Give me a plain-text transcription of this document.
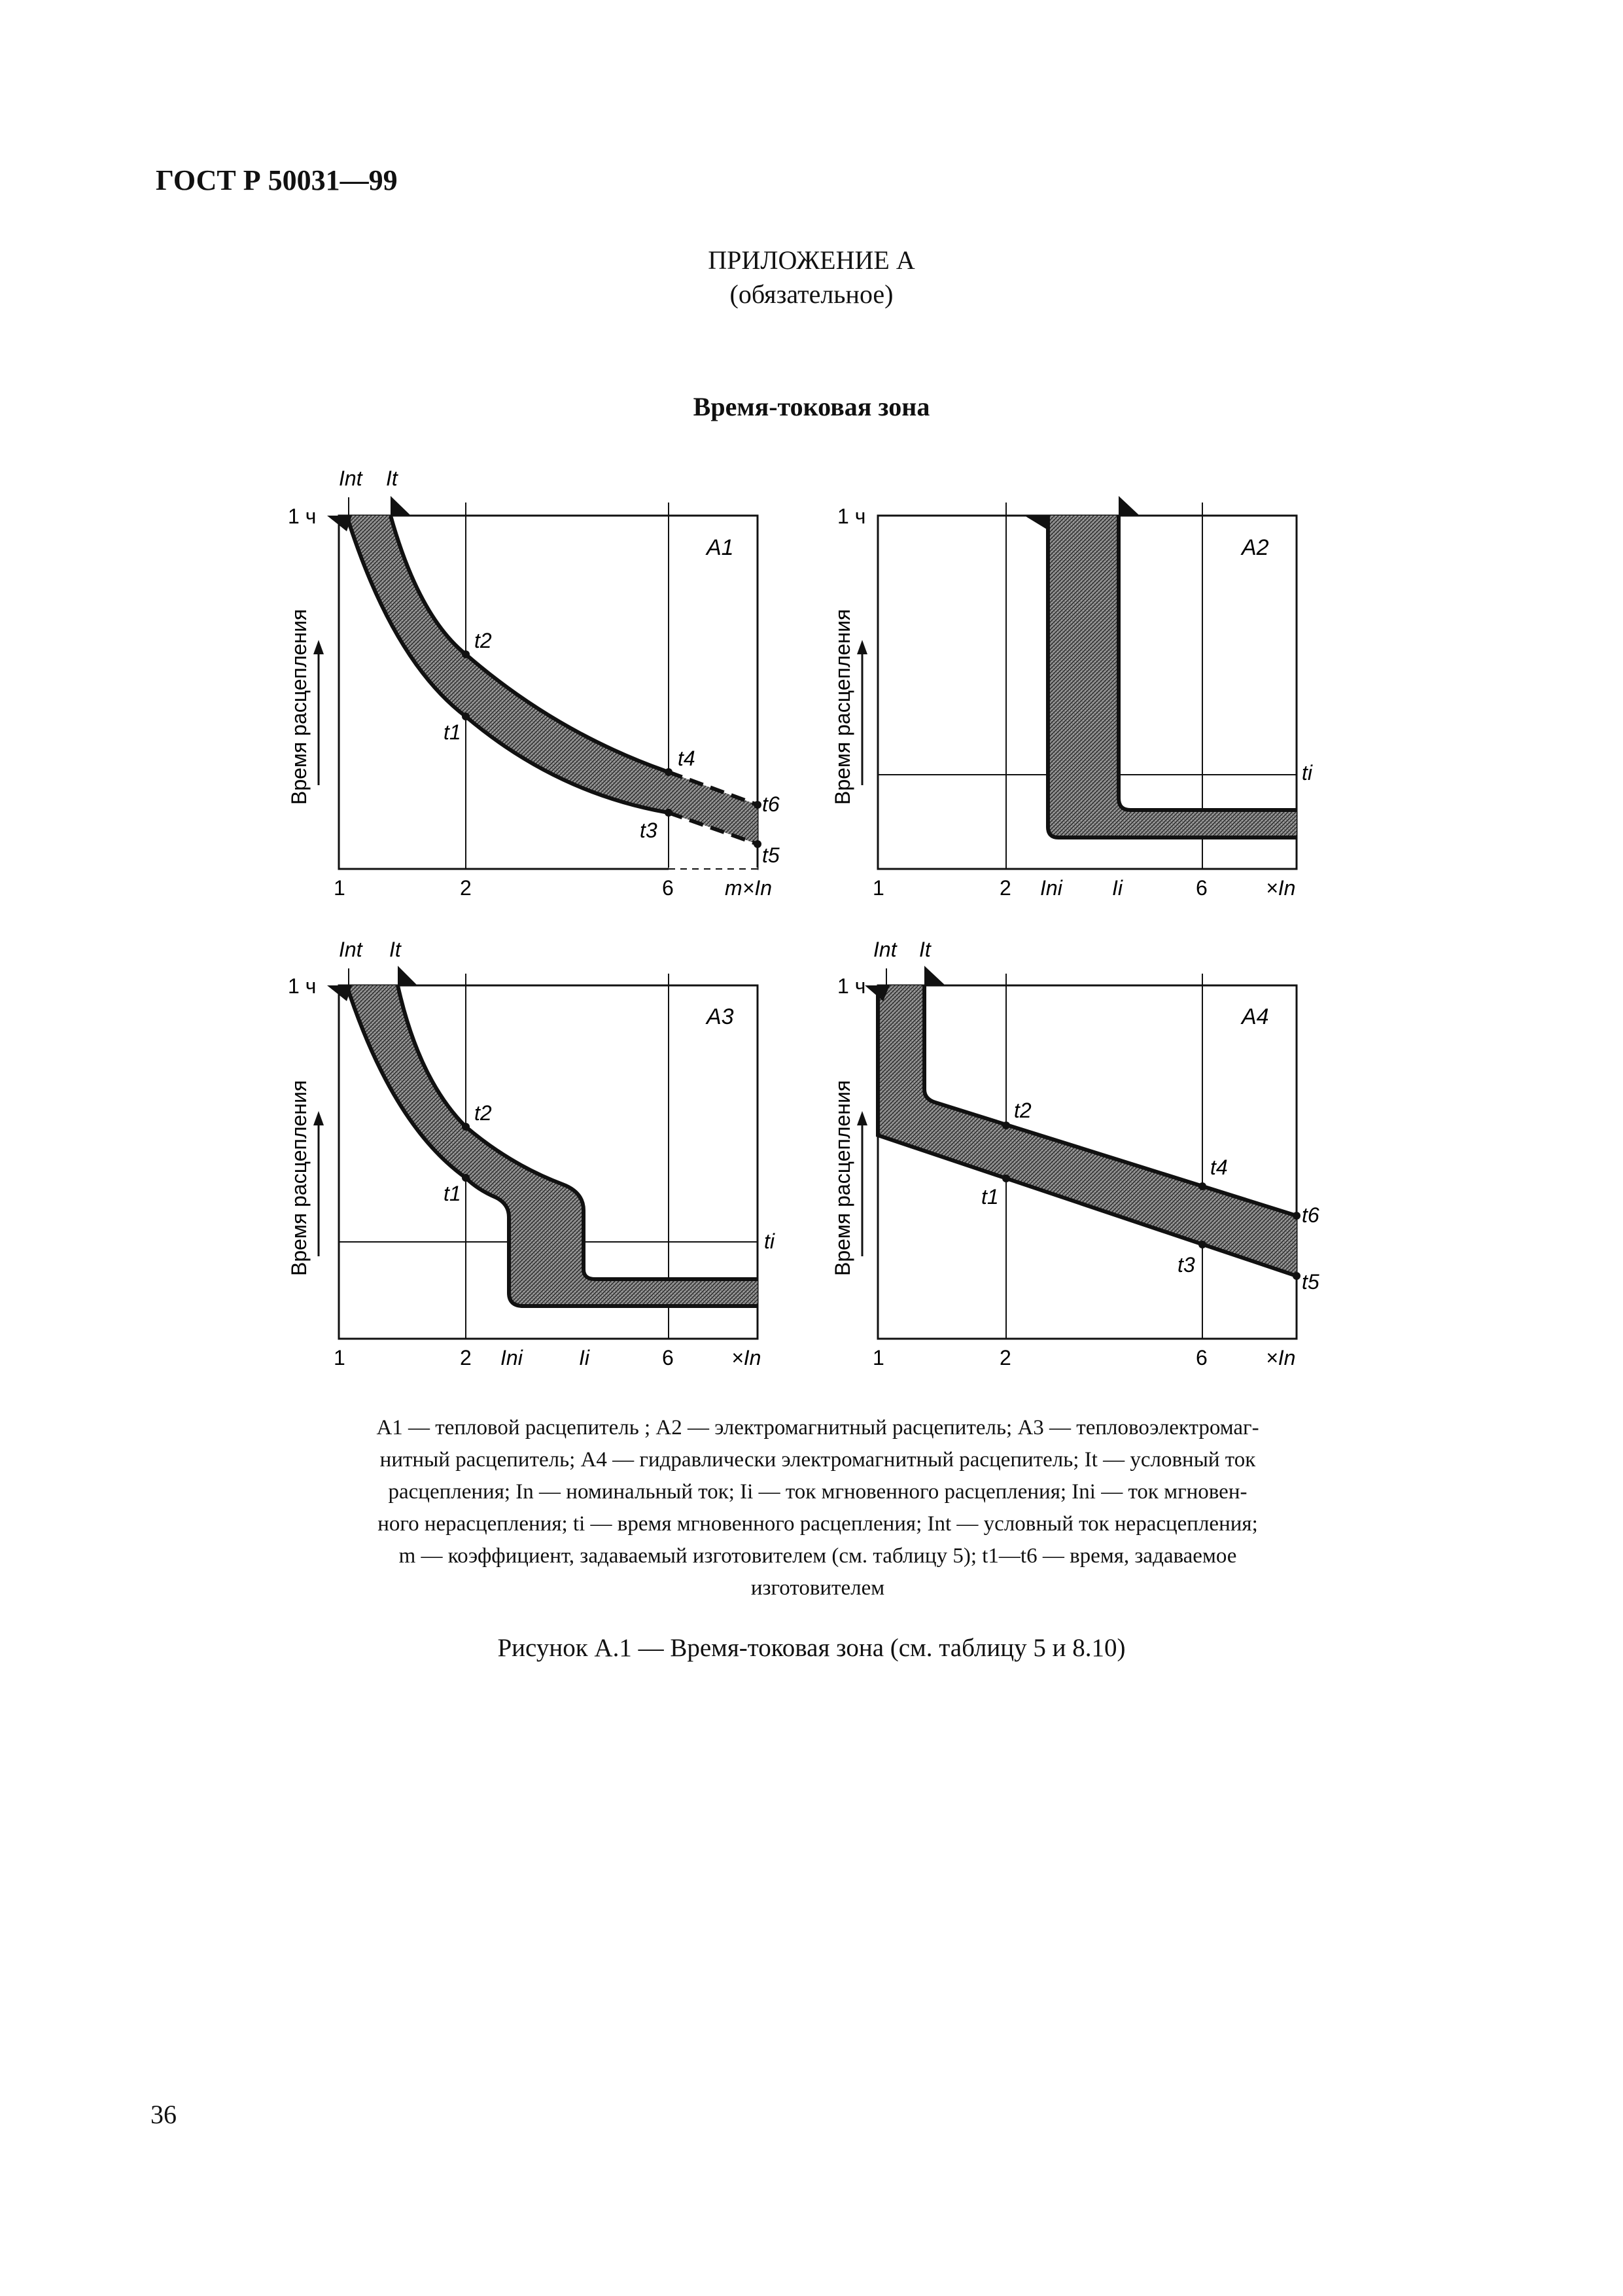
ГОСТ Р 50031—99
ПРИЛОЖЕНИЕ А
(обязательное)
Время-токовая зона
A1
1 ч
Int It
t2
t1
t4
t3
t6
t5
1	2	6 m×In
Время расцепления
A2
1 ч
ti
1	2 Ini Ii	6	×In
Время расцепления
A3
1 ч
Int It
t2
t1
ti
1	2 Ini	Ii	6	×In
Время расцепления
A4
1 ч
Int It
t2
t1
t4
t3
t6
t5
1	2	6	×In
Время расцепления

A1 — тепловой расцепитель ; A2 — электромагнитный расцепитель; A3 — тепловоэлектромаг-

нитный расцепитель; A4 — гидравлически электромагнитный расцепитель; It — условный ток

расцепления; In — номинальный ток; Ii — ток мгновенного расцепления; Ini — ток мгновен-

ного нерасцепления; ti — время мгновенного расцепления; Int — условный ток нерасцепления;

m — коэффициент, задаваемый изготовителем (см. таблицу 5); t1—t6 — время, задаваемое

изготовителем

Рисунок А.1 — Время-токовая зона (см. таблицу 5 и 8.10)
36
